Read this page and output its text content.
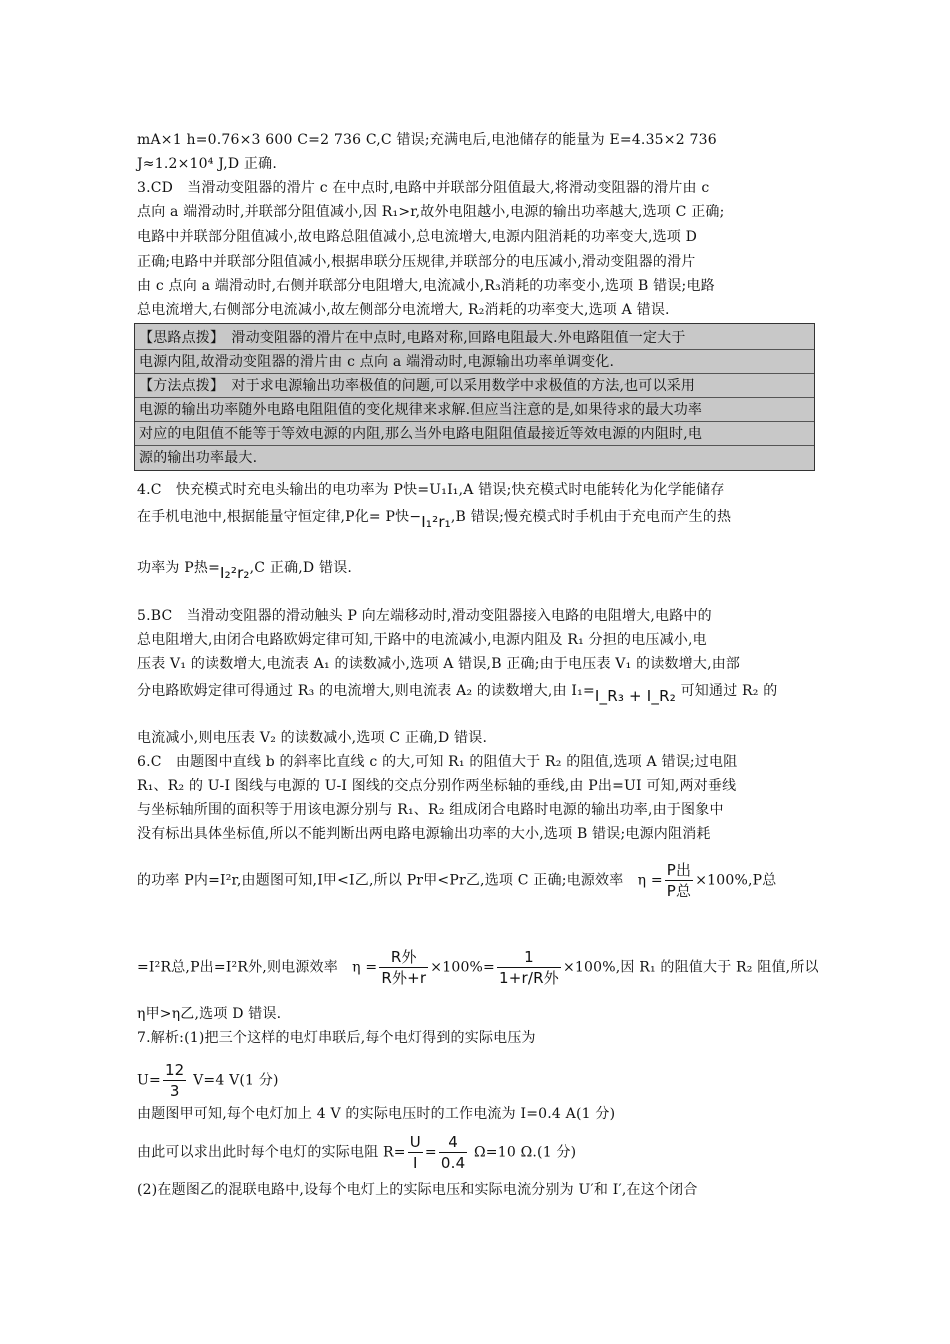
mA×1 h=0.76×3 600 C=2 736 C,C 错误;充满电后,电池储存的能量为 E=4.35×2 736
J≈1.2×10⁴ J,D 正确.
3.CD　当滑动变阻器的滑片 c 在中点时,电路中并联部分阻值最大,将滑动变阻器的滑片由 c
点向 a 端滑动时,并联部分阻值减小,因 R₁>r,故外电阻越小,电源的输出功率越大,选项 C 正确;
电路中并联部分阻值减小,故电路总阻值减小,总电流增大,电源内阻消耗的功率变大,选项 D
正确;电路中并联部分阻值减小,根据串联分压规律,并联部分的电压减小,滑动变阻器的滑片
由 c 点向 a 端滑动时,右侧并联部分电阻增大,电流减小,R₃消耗的功率变小,选项 B 错误;电路
总电流增大,右侧部分电流减小,故左侧部分电流增大, R₂消耗的功率变大,选项 A 错误.
【思路点拨】　滑动变阻器的滑片在中点时,电路对称,回路电阻最大.外电路阻值一定大于
电源内阻,故滑动变阻器的滑片由 c 点向 a 端滑动时,电源输出功率单调变化.
【方法点拨】　对于求电源输出功率极值的问题,可以采用数学中求极值的方法,也可以采用
电源的输出功率随外电路电阻阻值的变化规律来求解.但应当注意的是,如果待求的最大功率
对应的电阻值不能等于等效电源的内阻,那么当外电路电阻阻值最接近等效电源的内阻时,电
源的输出功率最大.
4.C　快充模式时充电头输出的电功率为 P快=U₁I₁,A 错误;快充模式时电能转化为化学能储存
在手机电池中,根据能量守恒定律,P化= P快−I₁²r₁,B 错误;慢充模式时手机由于充电而产生的热
功率为 P热=I₂²r₂,C 正确,D 错误.
5.BC　当滑动变阻器的滑动触头 P 向左端移动时,滑动变阻器接入电路的电阻增大,电路中的
总电阻增大,由闭合电路欧姆定律可知,干路中的电流减小,电源内阻及 R₁ 分担的电压减小,电
压表 V₁ 的读数增大,电流表 A₁ 的读数减小,选项 A 错误,B 正确;由于电压表 V₁ 的读数增大,由部
分电路欧姆定律可得通过 R₃ 的电流增大,则电流表 A₂ 的读数增大,由 I₁=I_R₃ + I_R₂ 可知通过 R₂ 的
电流减小,则电压表 V₂ 的读数减小,选项 C 正确,D 错误.
6.C　由题图中直线 b 的斜率比直线 c 的大,可知 R₁ 的阻值大于 R₂ 的阻值,选项 A 错误;过电阻
R₁、R₂ 的 U-I 图线与电源的 U-I 图线的交点分别作两坐标轴的垂线,由 P出=UI 可知,两对垂线
与坐标轴所围的面积等于用该电源分别与 R₁、R₂ 组成闭合电路时电源的输出功率,由于图象中
没有标出具体坐标值,所以不能判断出两电路电源输出功率的大小,选项 B 错误;电源内阻消耗
的功率 P内=I²r,由题图可知,I甲<I乙,所以 Pr甲<Pr乙,选项 C 正确;电源效率　$\eta = \frac{\text{P出}}{\text{P总}} \times 100\%,P$总
=I²R总,P出=I²R外,则电源效率　$\eta = \frac{\text{R外}}{\text{R外+r}} \times 100\%= \frac{1}{\text{1+r/R外}} \times 100\%$,因 R₁ 的阻值大于 R₂ 阻值,所以
η甲>η乙,选项 D 错误.
7.解析:(1)把三个这样的电灯串联后,每个电灯得到的实际电压为
$U= \frac{12}{3} V=4$ V(1 分)
由题图甲可知,每个电灯加上 4 V 的实际电压时的工作电流为 I=0.4 A(1 分)
由此可以求出此时每个电灯的实际电阻 $R= \frac{U}{I} = \frac{4}{0.4} \Omega=10$ Ω.(1 分)
(2)在题图乙的混联电路中,设每个电灯上的实际电压和实际电流分别为 U′和 I′,在这个闭合
